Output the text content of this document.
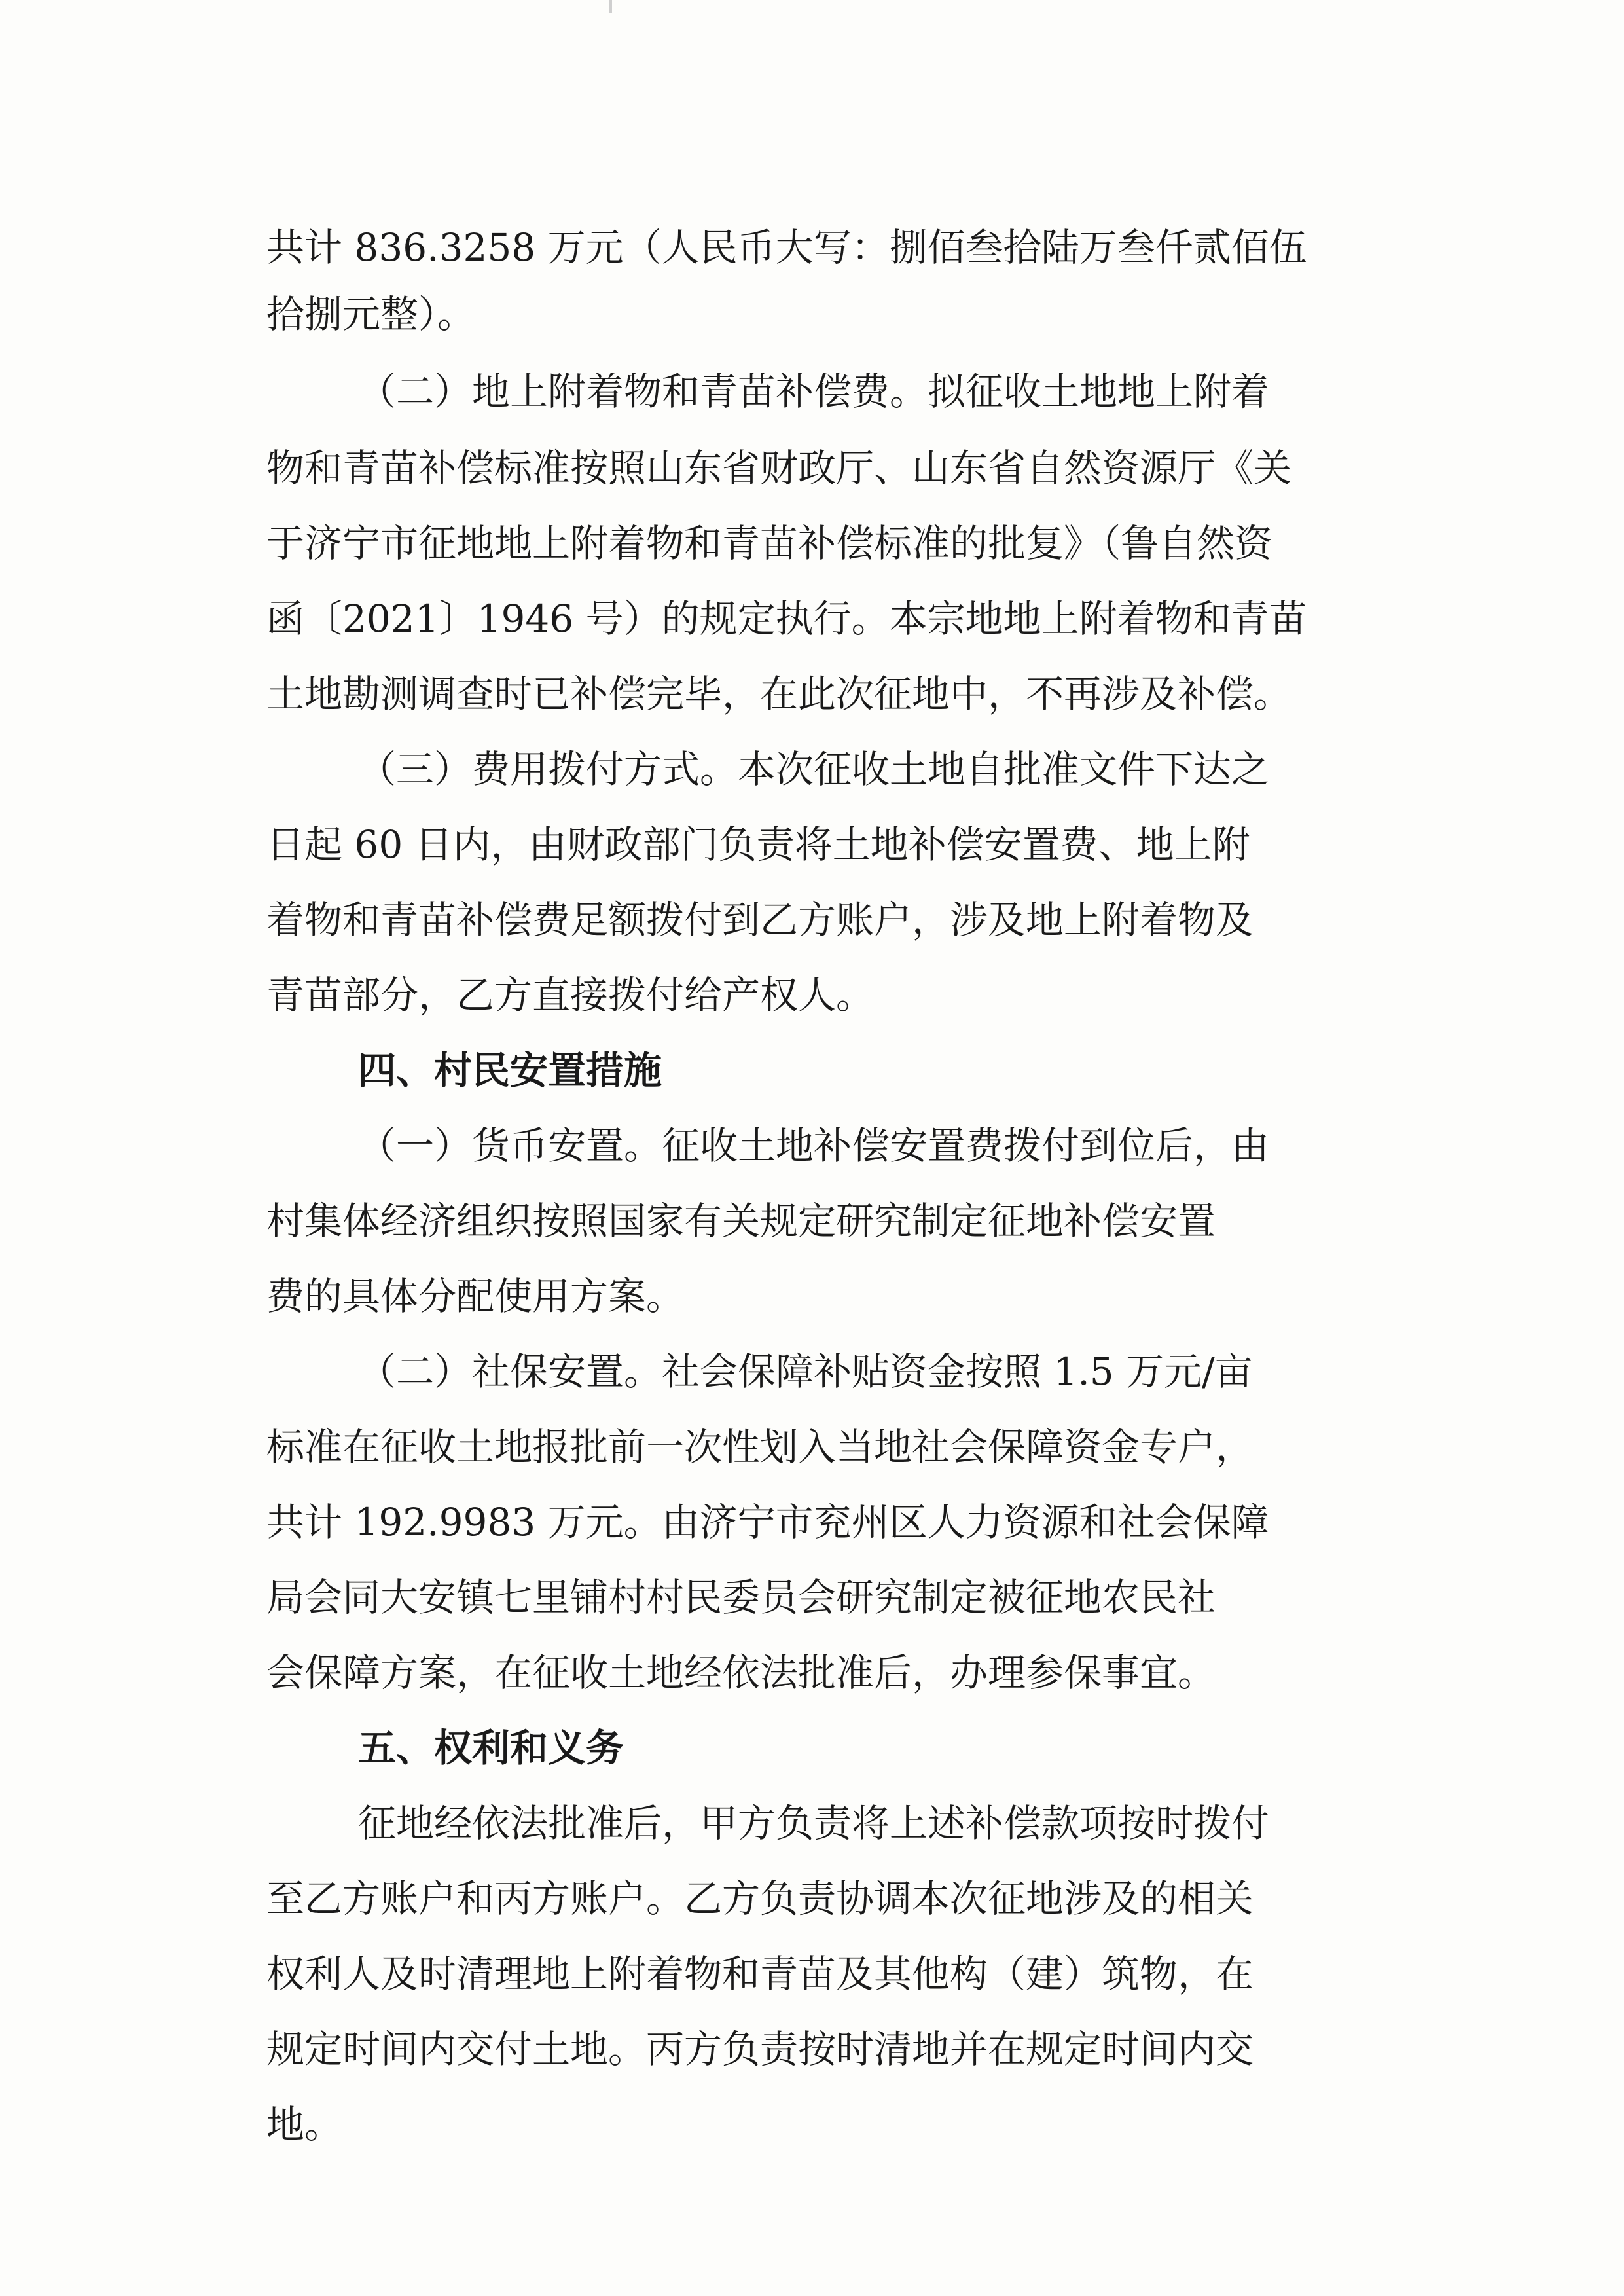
共计 836.3258 万元（人民币大写：捌佰叁拾陆万叁仟贰佰伍

拾捌元整）。

（二）地上附着物和青苗补偿费。拟征收土地地上附着

物和青苗补偿标准按照山东省财政厅、山东省自然资源厅《关

于济宁市征地地上附着物和青苗补偿标准的批复》（鲁自然资

函〔2021〕1946 号）的规定执行。本宗地地上附着物和青苗

土地勘测调查时已补偿完毕，在此次征地中，不再涉及补偿。

（三）费用拨付方式。本次征收土地自批准文件下达之

日起 60 日内，由财政部门负责将土地补偿安置费、地上附

着物和青苗补偿费足额拨付到乙方账户，涉及地上附着物及

青苗部分，乙方直接拨付给产权人。

四、村民安置措施

（一）货币安置。征收土地补偿安置费拨付到位后，由

村集体经济组织按照国家有关规定研究制定征地补偿安置

费的具体分配使用方案。

（二）社保安置。社会保障补贴资金按照 1.5 万元/亩

标准在征收土地报批前一次性划入当地社会保障资金专户，

共计 192.9983 万元。由济宁市兖州区人力资源和社会保障

局会同大安镇七里铺村村民委员会研究制定被征地农民社

会保障方案，在征收土地经依法批准后，办理参保事宜。

五、权利和义务

征地经依法批准后，甲方负责将上述补偿款项按时拨付

至乙方账户和丙方账户。乙方负责协调本次征地涉及的相关

权利人及时清理地上附着物和青苗及其他构（建）筑物，在

规定时间内交付土地。丙方负责按时清地并在规定时间内交

地。
